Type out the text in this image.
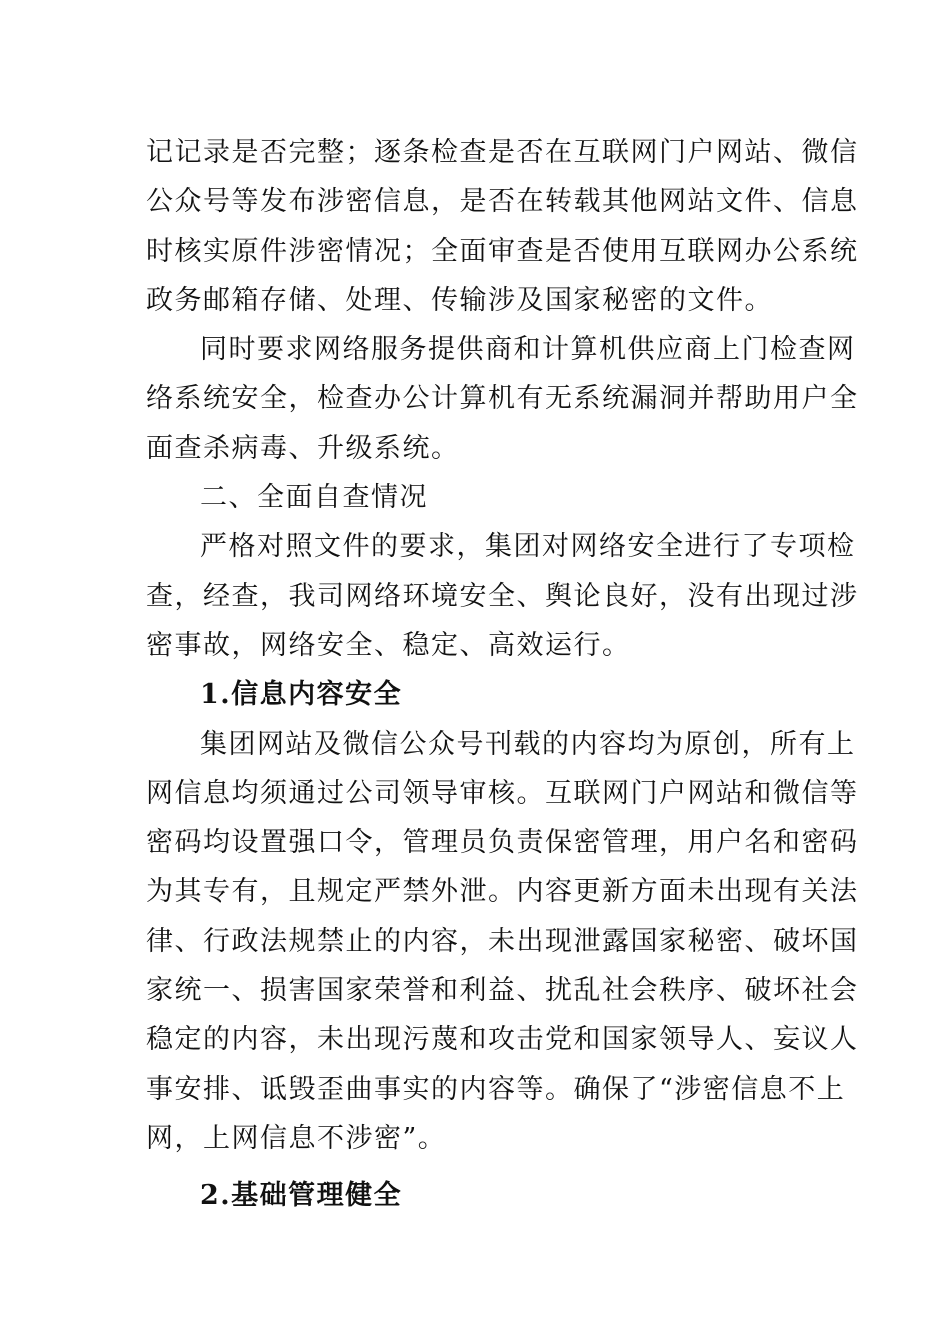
记记录是否完整；逐条检查是否在互联网门户网站、微信
公众号等发布涉密信息，是否在转载其他网站文件、信息
时核实原件涉密情况；全面审查是否使用互联网办公系统
政务邮箱存储、处理、传输涉及国家秘密的文件。
同时要求网络服务提供商和计算机供应商上门检查网
络系统安全，检查办公计算机有无系统漏洞并帮助用户全
面查杀病毒、升级系统。
二、全面自查情况
严格对照文件的要求，集团对网络安全进行了专项检
查，经查，我司网络环境安全、舆论良好，没有出现过涉
密事故，网络安全、稳定、高效运行。
1.信息内容安全
集团网站及微信公众号刊载的内容均为原创，所有上
网信息均须通过公司领导审核。互联网门户网站和微信等
密码均设置强口令，管理员负责保密管理，用户名和密码
为其专有，且规定严禁外泄。内容更新方面未出现有关法
律、行政法规禁止的内容，未出现泄露国家秘密、破坏国
家统一、损害国家荣誉和利益、扰乱社会秩序、破坏社会
稳定的内容，未出现污蔑和攻击党和国家领导人、妄议人
事安排、诋毁歪曲事实的内容等。确保了“涉密信息不上
网，上网信息不涉密”。
2.基础管理健全
